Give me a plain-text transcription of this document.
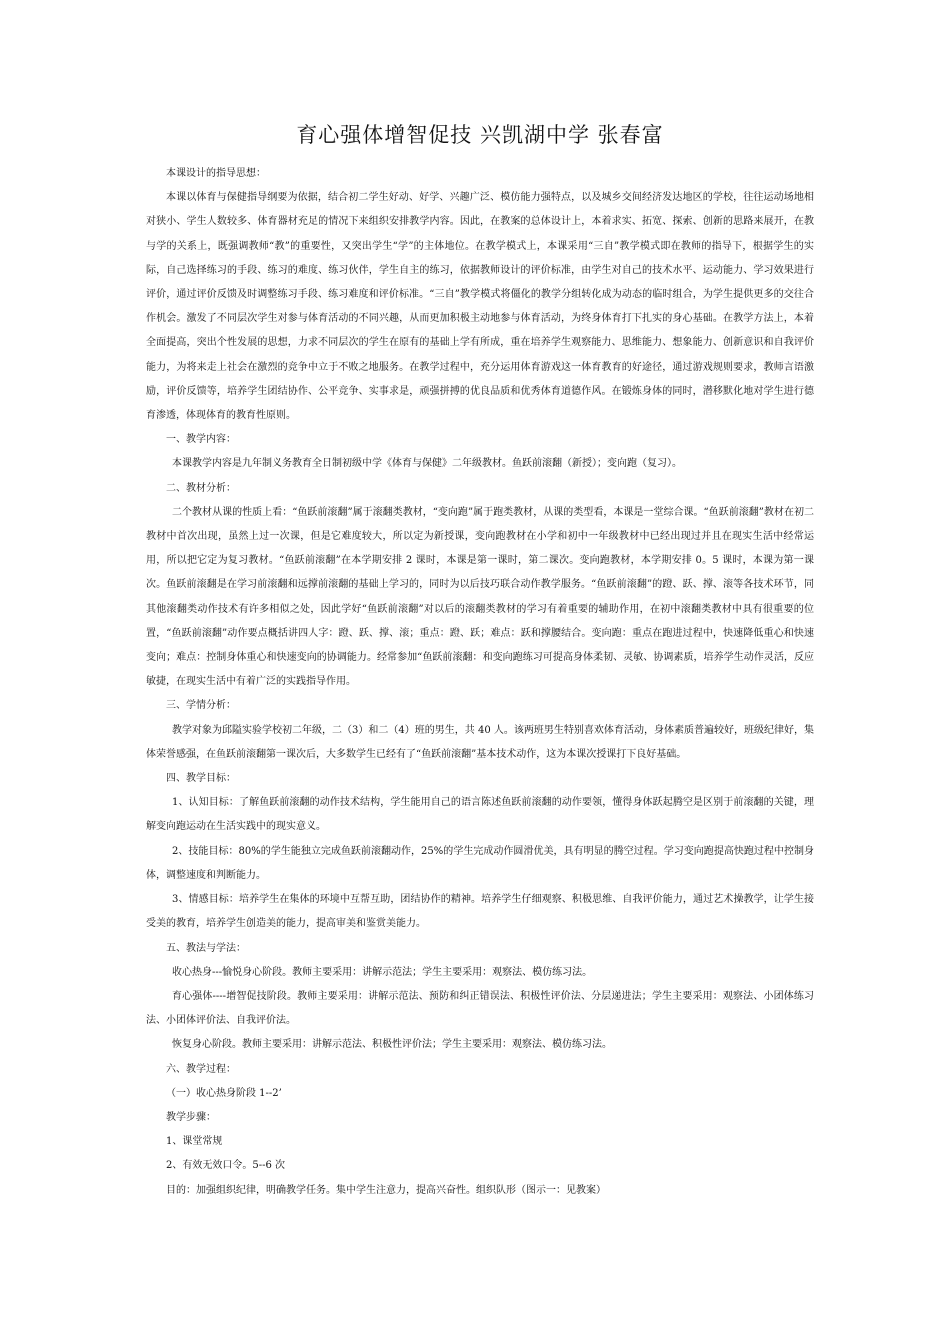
育心强体增智促技 兴凯湖中学 张春富

本课设计的指导思想：

本课以体育与保健指导纲要为依据，结合初二学生好动、好学、兴趣广泛、模仿能力强特点，以及城乡交间经济发达地区的学校，往往运动场地相对狭小、学生人数较多、体育器材充足的情况下来组织安排教学内容。因此，在教案的总体设计上，本着求实、拓宽、探索、创新的思路来展开，在教与学的关系上，既强调教师“教”的重要性，又突出学生“学”的主体地位。在教学模式上，本课采用“三自”教学模式即在教师的指导下，根据学生的实际，自己选择练习的手段、练习的难度、练习伙伴，学生自主的练习，依据教师设计的评价标准，由学生对自己的技术水平、运动能力、学习效果进行评价，通过评价反馈及时调整练习手段、练习难度和评价标准。“三自”教学模式将僵化的教学分组转化成为动态的临时组合，为学生提供更多的交往合作机会。激发了不同层次学生对参与体育活动的不同兴趣，从而更加积极主动地参与体育活动，为终身体育打下扎实的身心基础。在教学方法上，本着全面提高，突出个性发展的思想，力求不同层次的学生在原有的基础上学有所成，重在培养学生观察能力、思维能力、想象能力、创新意识和自我评价能力，为将来走上社会在激烈的竞争中立于不败之地服务。在教学过程中，充分运用体育游戏这一体育教育的好途径，通过游戏规则要求，教师言语激励，评价反馈等，培养学生团结协作、公平竞争、实事求是，顽强拼搏的优良品质和优秀体育道德作风。在锻炼身体的同时，潜移默化地对学生进行德育渗透，体现体育的教育性原则。

一、教学内容：

本课教学内容是九年制义务教育全日制初级中学《体育与保健》二年级教材。鱼跃前滚翻（新授）；变向跑（复习）。

二、教材分析：

二个教材从课的性质上看：“鱼跃前滚翻”属于滚翻类教材，“变向跑”属于跑类教材，从课的类型看，本课是一堂综合课。“鱼跃前滚翻”教材在初二教材中首次出现，虽然上过一次课，但是它难度较大，所以定为新授课，变向跑教材在小学和初中一年级教材中已经出现过并且在现实生活中经常运用，所以把它定为复习教材。“鱼跃前滚翻”在本学期安排 2 课时，本课是第一课时，第二课次。变向跑教材，本学期安排 0。5 课时，本课为第一课次。鱼跃前滚翻是在学习前滚翻和远撑前滚翻的基础上学习的，同时为以后技巧联合动作教学服务。“鱼跃前滚翻”的蹬、跃、撑、滚等各技术环节，同其他滚翻类动作技术有许多相似之处，因此学好“鱼跃前滚翻”对以后的滚翻类教材的学习有着重要的辅助作用，在初中滚翻类教材中具有很重要的位置，“鱼跃前滚翻”动作要点概括讲四人字：蹬、跃、撑、滚；重点：蹬、跃；难点：跃和撑腰结合。变向跑：重点在跑进过程中，快速降低重心和快速变向；难点：控制身体重心和快速变向的协调能力。经常参加“鱼跃前滚翻：和变向跑练习可提高身体柔韧、灵敏、协调素质，培养学生动作灵活，反应敏捷，在现实生活中有着广泛的实践指导作用。

三、学情分析：

教学对象为邱隘实验学校初二年级，二（3）和二（4）班的男生，共 40 人。该两班男生特别喜欢体育活动，身体素质普遍较好，班级纪律好，集体荣誉感强，在鱼跃前滚翻第一课次后，大多数学生已经有了“鱼跃前滚翻”基本技术动作，这为本课次授课打下良好基础。

四、教学目标：

1、认知目标：了解鱼跃前滚翻的动作技术结构，学生能用自己的语言陈述鱼跃前滚翻的动作要领，懂得身体跃起腾空是区别于前滚翻的关键，理解变向跑运动在生活实践中的现实意义。

2、技能目标：80%的学生能独立完成鱼跃前滚翻动作，25%的学生完成动作圆滑优美，具有明显的腾空过程。学习变向跑提高快跑过程中控制身体，调整速度和判断能力。

3、情感目标：培养学生在集体的环境中互帮互助，团结协作的精神。培养学生仔细观察、积极思维、自我评价能力，通过艺术操教学，让学生接受美的教育，培养学生创造美的能力，提高审美和鉴赏美能力。

五、教法与学法：

收心热身---愉悦身心阶段。教师主要采用：讲解示范法；学生主要采用：观察法、模仿练习法。

育心强体----增智促技阶段。教师主要采用：讲解示范法、预防和纠正错误法、积极性评价法、分层递进法；学生主要采用：观察法、小团体练习法、小团体评价法、自我评价法。

恢复身心阶段。教师主要采用：讲解示范法、积极性评价法；学生主要采用：观察法、模仿练习法。

六、教学过程：

（一）收心热身阶段 1--2’

教学步骤：

1、课堂常规

2、有效无效口令。5--6 次

目的：加强组织纪律，明确教学任务。集中学生注意力，提高兴奋性。组织队形（图示一：见教案）
